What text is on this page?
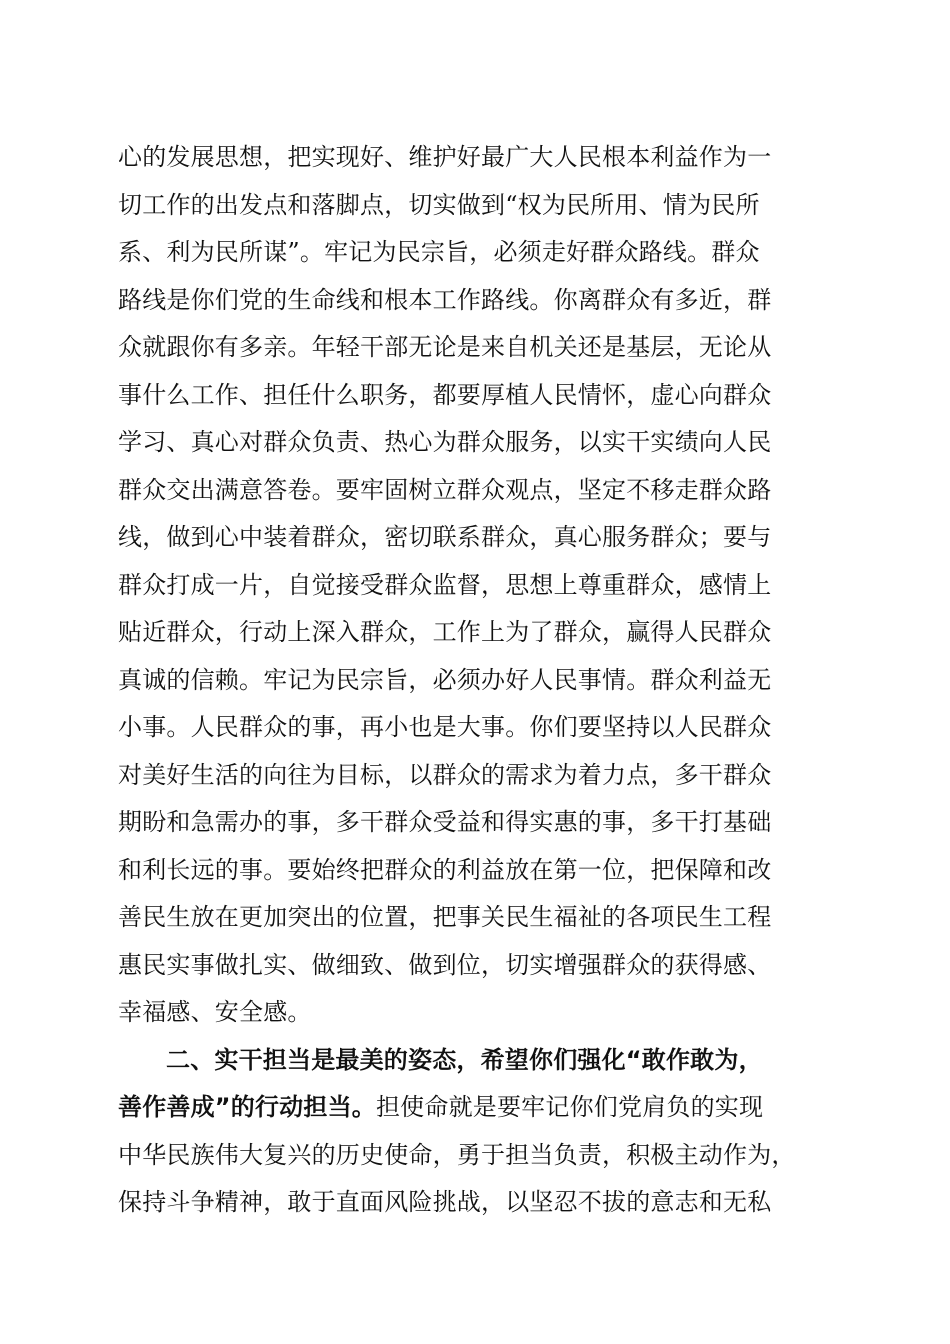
心的发展思想，把实现好、维护好最广大人民根本利益作为一
切工作的出发点和落脚点，切实做到“权为民所用、情为民所
系、利为民所谋”。牢记为民宗旨，必须走好群众路线。群众
路线是你们党的生命线和根本工作路线。你离群众有多近，群
众就跟你有多亲。年轻干部无论是来自机关还是基层，无论从
事什么工作、担任什么职务，都要厚植人民情怀，虚心向群众
学习、真心对群众负责、热心为群众服务，以实干实绩向人民
群众交出满意答卷。要牢固树立群众观点，坚定不移走群众路
线，做到心中装着群众，密切联系群众，真心服务群众；要与
群众打成一片，自觉接受群众监督，思想上尊重群众，感情上
贴近群众，行动上深入群众，工作上为了群众，赢得人民群众
真诚的信赖。牢记为民宗旨，必须办好人民事情。群众利益无
小事。人民群众的事，再小也是大事。你们要坚持以人民群众
对美好生活的向往为目标，以群众的需求为着力点，多干群众
期盼和急需办的事，多干群众受益和得实惠的事，多干打基础
和利长远的事。要始终把群众的利益放在第一位，把保障和改
善民生放在更加突出的位置，把事关民生福祉的各项民生工程
惠民实事做扎实、做细致、做到位，切实增强群众的获得感、
幸福感、安全感。
二、实干担当是最美的姿态，希望你们强化“敢作敢为，
善作善成”的行动担当。担使命就是要牢记你们党肩负的实现
中华民族伟大复兴的历史使命，勇于担当负责，积极主动作为，
保持斗争精神，敢于直面风险挑战，以坚忍不拔的意志和无私
